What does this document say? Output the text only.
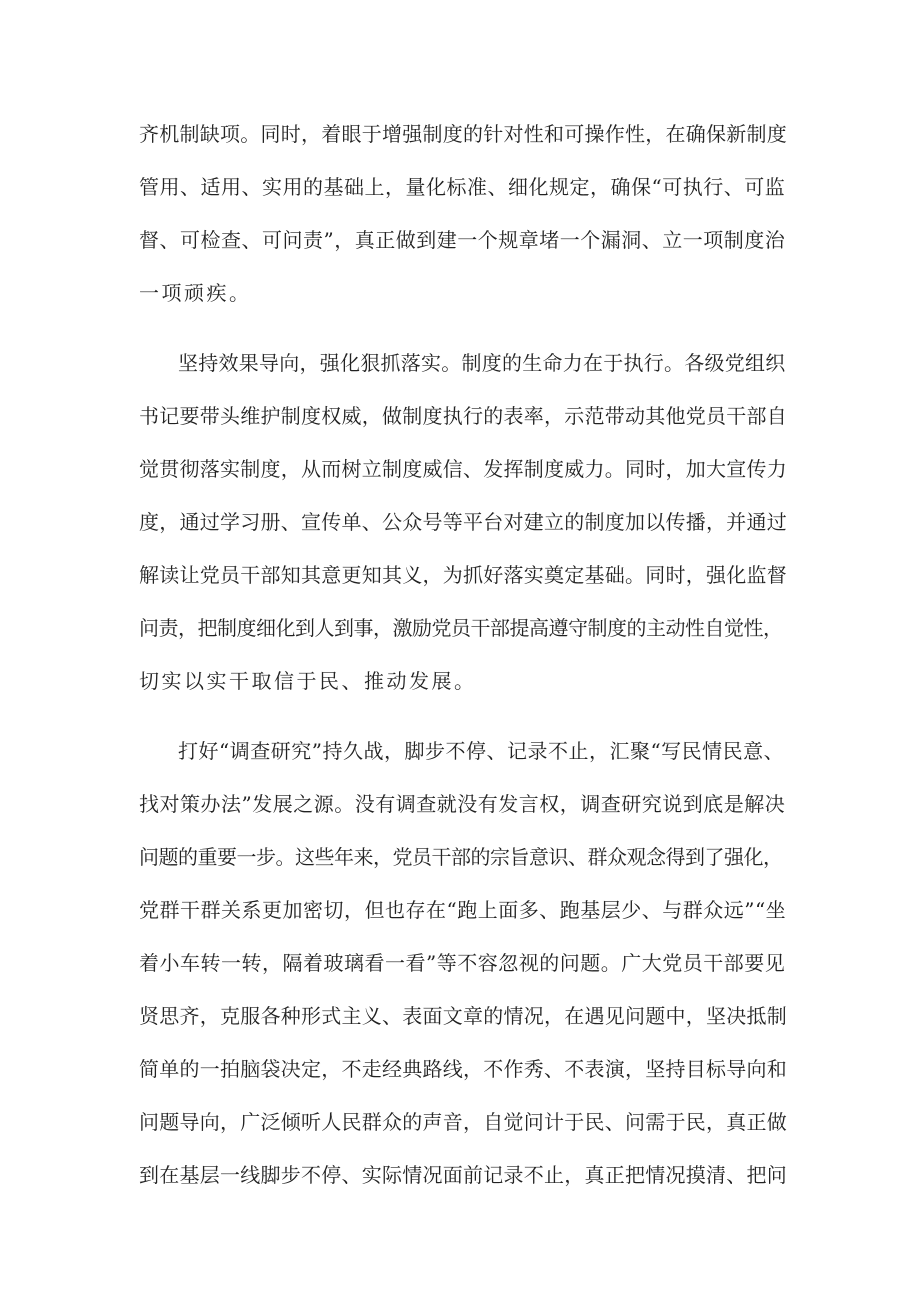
齐机制缺项。同时，着眼于增强制度的针对性和可操作性，在确保新制度
管用、适用、实用的基础上，量化标准、细化规定，确保“可执行、可监
督、可检查、可问责”，真正做到建一个规章堵一个漏洞、立一项制度治
一项顽疾。
坚持效果导向，强化狠抓落实。制度的生命力在于执行。各级党组织
书记要带头维护制度权威，做制度执行的表率，示范带动其他党员干部自
觉贯彻落实制度，从而树立制度威信、发挥制度威力。同时，加大宣传力
度，通过学习册、宣传单、公众号等平台对建立的制度加以传播，并通过
解读让党员干部知其意更知其义，为抓好落实奠定基础。同时，强化监督
问责，把制度细化到人到事，激励党员干部提高遵守制度的主动性自觉性，
切实以实干取信于民、推动发展。
打好“调查研究”持久战，脚步不停、记录不止，汇聚“写民情民意、
找对策办法”发展之源。没有调查就没有发言权，调查研究说到底是解决
问题的重要一步。这些年来，党员干部的宗旨意识、群众观念得到了强化，
党群干群关系更加密切，但也存在“跑上面多、跑基层少、与群众远”“坐
着小车转一转，隔着玻璃看一看”等不容忽视的问题。广大党员干部要见
贤思齐，克服各种形式主义、表面文章的情况，在遇见问题中，坚决抵制
简单的一拍脑袋决定，不走经典路线，不作秀、不表演，坚持目标导向和
问题导向，广泛倾听人民群众的声音，自觉问计于民、问需于民，真正做
到在基层一线脚步不停、实际情况面前记录不止，真正把情况摸清、把问
